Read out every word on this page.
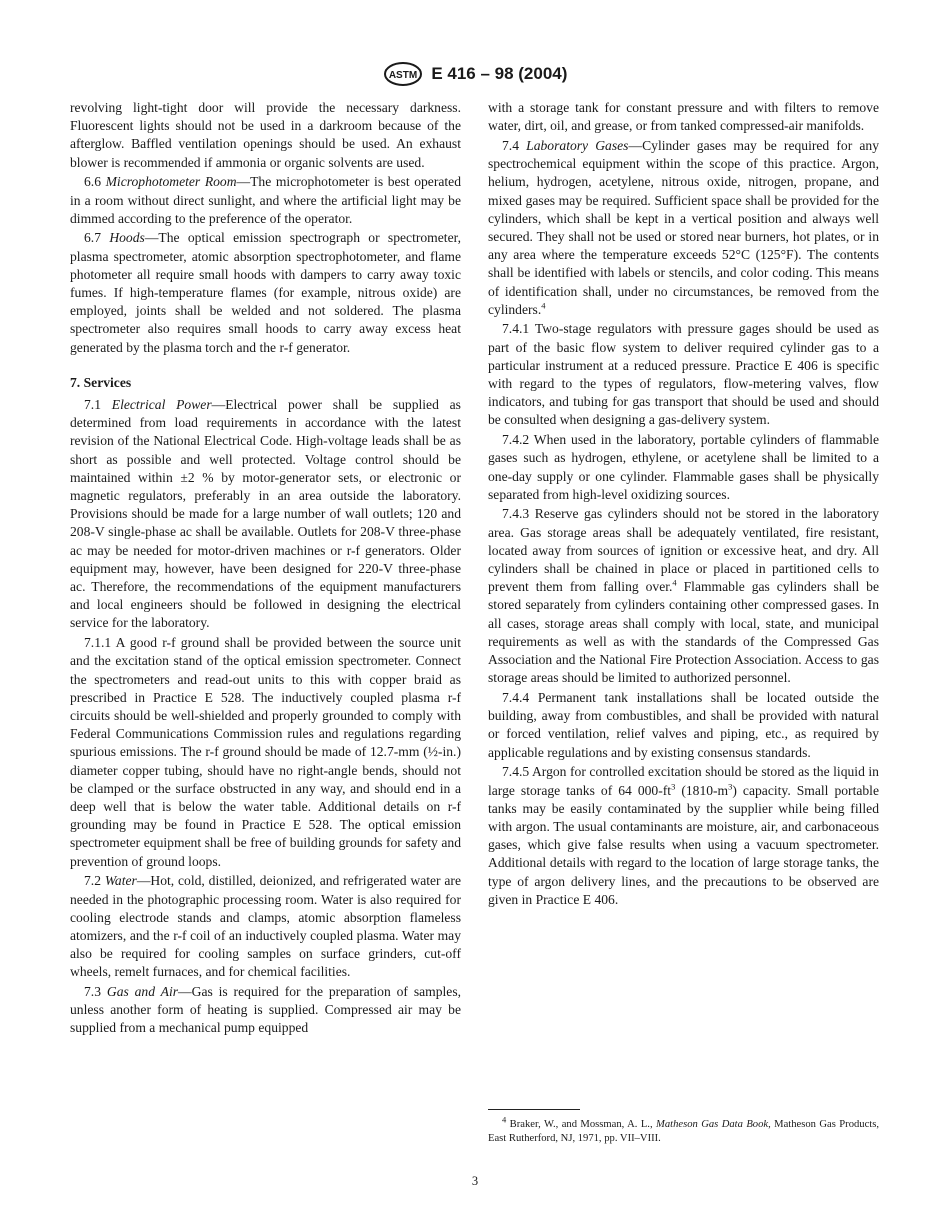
ASTM E 416 – 98 (2004)

revolving light-tight door will provide the necessary darkness. Fluorescent lights should not be used in a darkroom because of the afterglow. Baffled ventilation openings should be used. An exhaust blower is recommended if ammonia or organic solvents are used.

6.6 Microphotometer Room—The microphotometer is best operated in a room without direct sunlight, and where the artificial light may be dimmed according to the preference of the operator.

6.7 Hoods—The optical emission spectrograph or spectrometer, plasma spectrometer, atomic absorption spectrophotometer, and flame photometer all require small hoods with dampers to carry away toxic fumes. If high-temperature flames (for example, nitrous oxide) are employed, joints shall be welded and not soldered. The plasma spectrometer also requires small hoods to carry away excess heat generated by the plasma torch and the r-f generator.

7. Services

7.1 Electrical Power—Electrical power shall be supplied as determined from load requirements in accordance with the latest revision of the National Electrical Code. High-voltage leads shall be as short as possible and well protected. Voltage control should be maintained within ±2 % by motor-generator sets, or electronic or magnetic regulators, preferably in an area outside the laboratory. Provisions should be made for a large number of wall outlets; 120 and 208-V single-phase ac shall be available. Outlets for 208-V three-phase ac may be needed for motor-driven machines or r-f generators. Older equipment may, however, have been designed for 220-V three-phase ac. Therefore, the recommendations of the equipment manufacturers and local engineers should be followed in designing the electrical service for the laboratory.

7.1.1 A good r-f ground shall be provided between the source unit and the excitation stand of the optical emission spectrometer. Connect the spectrometers and read-out units to this with copper braid as prescribed in Practice E 528. The inductively coupled plasma r-f circuits should be well-shielded and properly grounded to comply with Federal Communications Commission rules and regulations regarding spurious emissions. The r-f ground should be made of 12.7-mm (½-in.) diameter copper tubing, should have no right-angle bends, should not be clamped or the surface obstructed in any way, and should end in a deep well that is below the water table. Additional details on r-f grounding may be found in Practice E 528. The optical emission spectrometer equipment shall be free of building grounds for safety and prevention of ground loops.

7.2 Water—Hot, cold, distilled, deionized, and refrigerated water are needed in the photographic processing room. Water is also required for cooling electrode stands and clamps, atomic absorption flameless atomizers, and the r-f coil of an inductively coupled plasma. Water may also be required for cooling samples on surface grinders, cut-off wheels, remelt furnaces, and for chemical facilities.

7.3 Gas and Air—Gas is required for the preparation of samples, unless another form of heating is supplied. Compressed air may be supplied from a mechanical pump equipped

with a storage tank for constant pressure and with filters to remove water, dirt, oil, and grease, or from tanked compressed-air manifolds.

7.4 Laboratory Gases—Cylinder gases may be required for any spectrochemical equipment within the scope of this practice. Argon, helium, hydrogen, acetylene, nitrous oxide, nitrogen, propane, and mixed gases may be required. Sufficient space shall be provided for the cylinders, which shall be kept in a vertical position and always well secured. They shall not be used or stored near burners, hot plates, or in any area where the temperature exceeds 52°C (125°F). The contents shall be identified with labels or stencils, and color coding. This means of identification shall, under no circumstances, be removed from the cylinders.$^4$

7.4.1 Two-stage regulators with pressure gages should be used as part of the basic flow system to deliver required cylinder gas to a particular instrument at a reduced pressure. Practice E 406 is specific with regard to the types of regulators, flow-metering valves, flow indicators, and tubing for gas transport that should be used and should be consulted when designing a gas-delivery system.

7.4.2 When used in the laboratory, portable cylinders of flammable gases such as hydrogen, ethylene, or acetylene shall be limited to a one-day supply or one cylinder. Flammable gases shall be physically separated from high-level oxidizing sources.

7.4.3 Reserve gas cylinders should not be stored in the laboratory area. Gas storage areas shall be adequately ventilated, fire resistant, located away from sources of ignition or excessive heat, and dry. All cylinders shall be chained in place or placed in partitioned cells to prevent them from falling over.$^4$ Flammable gas cylinders shall be stored separately from cylinders containing other compressed gases. In all cases, storage areas shall comply with local, state, and municipal requirements as well as with the standards of the Compressed Gas Association and the National Fire Protection Association. Access to gas storage areas should be limited to authorized personnel.

7.4.4 Permanent tank installations shall be located outside the building, away from combustibles, and shall be provided with natural or forced ventilation, relief valves and piping, etc., as required by applicable regulations and by existing consensus standards.

7.4.5 Argon for controlled excitation should be stored as the liquid in large storage tanks of 64 $000-ft^3$ $(1810-m^3)$ capacity. Small portable tanks may be easily contaminated by the supplier while being filled with argon. The usual contaminants are moisture, air, and carbonaceous gases, which give false results when using a vacuum spectrometer. Additional details with regard to the location of large storage tanks, the type of argon delivery lines, and the precautions to be observed are given in Practice E 406.

$^4$ Braker, W., and Mossman, A. L., Matheson Gas Data Book, Matheson Gas Products, East Rutherford, NJ, 1971, pp. VII–VIII.

3
